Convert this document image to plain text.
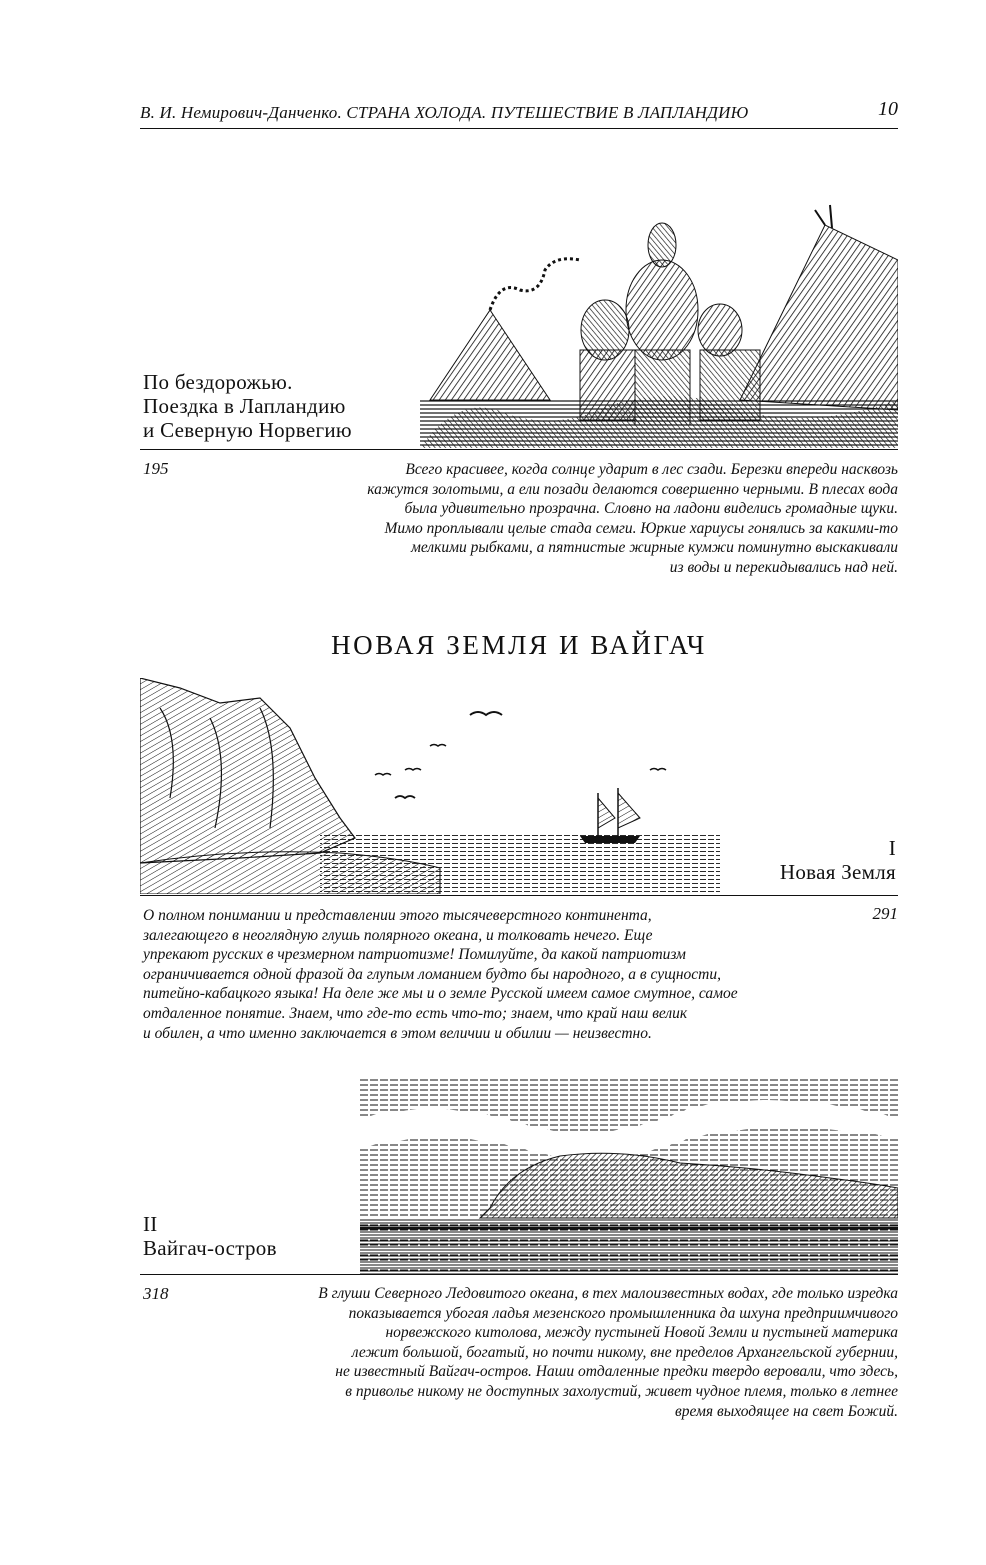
В. И. Немирович-Данченко. СТРАНА ХОЛОДА. ПУТЕШЕСТВИЕ В ЛАПЛАНДИЮ	10
По бездорожью.
Поездка в Лапландию
и Северную Норвегию
195	Всего красивее, когда солнце ударит в лес сзади. Березки впереди насквозь
кажутся золотыми, а ели позади делаются совершенно черными. В плесах вода
была удивительно прозрачна. Словно на ладони виделись громадные щуки.
Мимо проплывали целые стада семги. Юркие хариусы гонялись за какими-то
мелкими рыбками, а пятнистые жирные кумжи поминутно выскакивали
из воды и перекидывались над ней.
НОВАЯ ЗЕМЛЯ И ВАЙГАЧ
I
Новая Земля
О полном понимании и представлении этого тысячеверстного континента,
залегающего в неоглядную глушь полярного океана, и толковать нечего. Еще
упрекают русских в чрезмерном патриотизме! Помилуйте, да какой патриотизм
ограничивается одной фразой да глупым ломанием будто бы народного, а в сущности,
питейно-кабацкого языка! На деле же мы и о земле Русской имеем самое смутное, самое
отдаленное понятие. Знаем, что где-то есть что-то; знаем, что край наш велик
и обилен, а что именно заключается в этом величии и обилии — неизвестно.
291
II
Вайгач-остров
318	В глуши Северного Ледовитого океана, в тех малоизвестных водах, где только изредка
показывается убогая ладья мезенского промышленника да шхуна предприимчивого
норвежского китолова, между пустыней Новой Земли и пустыней материка
лежит большой, богатый, но почти никому, вне пределов Архангельской губернии,
не известный Вайгач-остров. Наши отдаленные предки твердо веровали, что здесь,
в приволье никому не доступных захолустий, живет чудное племя, только в летнее
время выходящее на свет Божий.
